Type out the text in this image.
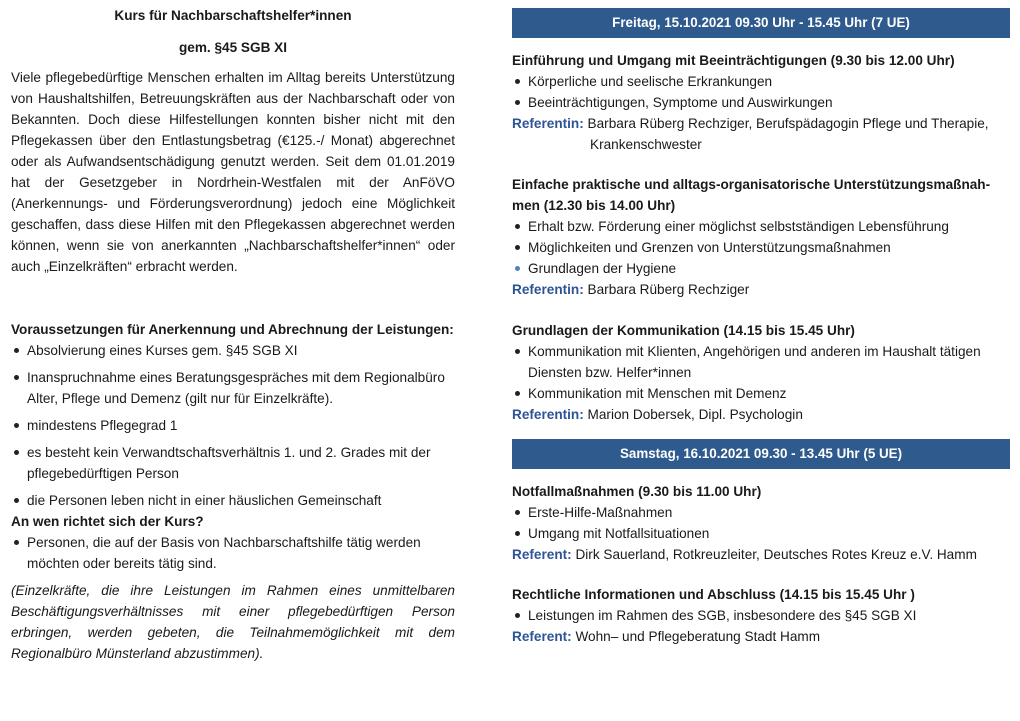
Kurs für Nachbarschaftshelfer*innen
gem. §45 SGB XI
Viele pflegebedürftige Menschen erhalten im Alltag bereits Unterstützung von Haushaltshilfen, Betreuungskräften aus der Nachbarschaft oder von Bekannten. Doch diese Hilfestellungen konnten bisher nicht mit den Pflegekassen über den Entlastungsbetrag (€125.-/ Monat) abgerechnet oder als Aufwandsentschädigung genutzt werden. Seit dem 01.01.2019 hat der Gesetzgeber in Nordrhein-Westfalen mit der AnFöVO (Anerkennungs- und Förderungsverordnung) jedoch eine Möglichkeit geschaffen, dass diese Hilfen mit den Pflegekassen abgerechnet werden können, wenn sie von anerkannten „Nachbarschaftshelfer*innen“ oder auch „Einzelkräften“ erbracht werden.
Voraussetzungen für Anerkennung und Abrechnung der Leistungen:
Absolvierung eines Kurses gem. §45 SGB XI
Inanspruchnahme eines Beratungsgespräches mit dem Regionalbüro Alter, Pflege und Demenz (gilt nur für Einzelkräfte).
mindestens Pflegegrad 1
es besteht kein Verwandtschaftsverhältnis 1. und 2. Grades mit der pflegebedürftigen Person
die Personen leben nicht in einer häuslichen Gemeinschaft
An wen richtet sich der Kurs?
Personen, die auf der Basis von Nachbarschaftshilfe tätig werden möchten oder bereits tätig sind.
(Einzelkräfte, die ihre Leistungen im Rahmen eines unmittelbaren Beschäftigungsverhältnisses mit einer pflegebedürftigen Person erbringen, werden gebeten, die Teilnahmemöglichkeit mit dem Regionalbüro Münsterland abzustimmen).
Freitag, 15.10.2021 09.30 Uhr - 15.45 Uhr (7 UE)
Einführung und Umgang mit Beeinträchtigungen (9.30 bis 12.00 Uhr)
Körperliche und seelische Erkrankungen
Beeinträchtigungen, Symptome und Auswirkungen
Referentin: Barbara Rüberg Rechziger, Berufspädagogin Pflege und Therapie,
Krankenschwester
Einfache praktische und alltags-organisatorische Unterstützungsmaßnah-
men (12.30 bis 14.00 Uhr)
Erhalt bzw. Förderung einer möglichst selbstständigen Lebensführung
Möglichkeiten und Grenzen von Unterstützungsmaßnahmen
Grundlagen der Hygiene
Referentin: Barbara Rüberg Rechziger
Grundlagen der Kommunikation (14.15 bis 15.45 Uhr)
Kommunikation mit Klienten, Angehörigen und anderen im Haushalt tätigen Diensten bzw. Helfer*innen
Kommunikation mit Menschen mit Demenz
Referentin: Marion Dobersek, Dipl. Psychologin
Samstag, 16.10.2021 09.30 - 13.45 Uhr (5 UE)
Notfallmaßnahmen (9.30 bis 11.00 Uhr)
Erste-Hilfe-Maßnahmen
Umgang mit Notfallsituationen
Referent: Dirk Sauerland, Rotkreuzleiter, Deutsches Rotes Kreuz e.V. Hamm
Rechtliche Informationen und Abschluss (14.15 bis 15.45 Uhr )
Leistungen im Rahmen des SGB, insbesondere des §45 SGB XI
Referent: Wohn– und Pflegeberatung Stadt Hamm
